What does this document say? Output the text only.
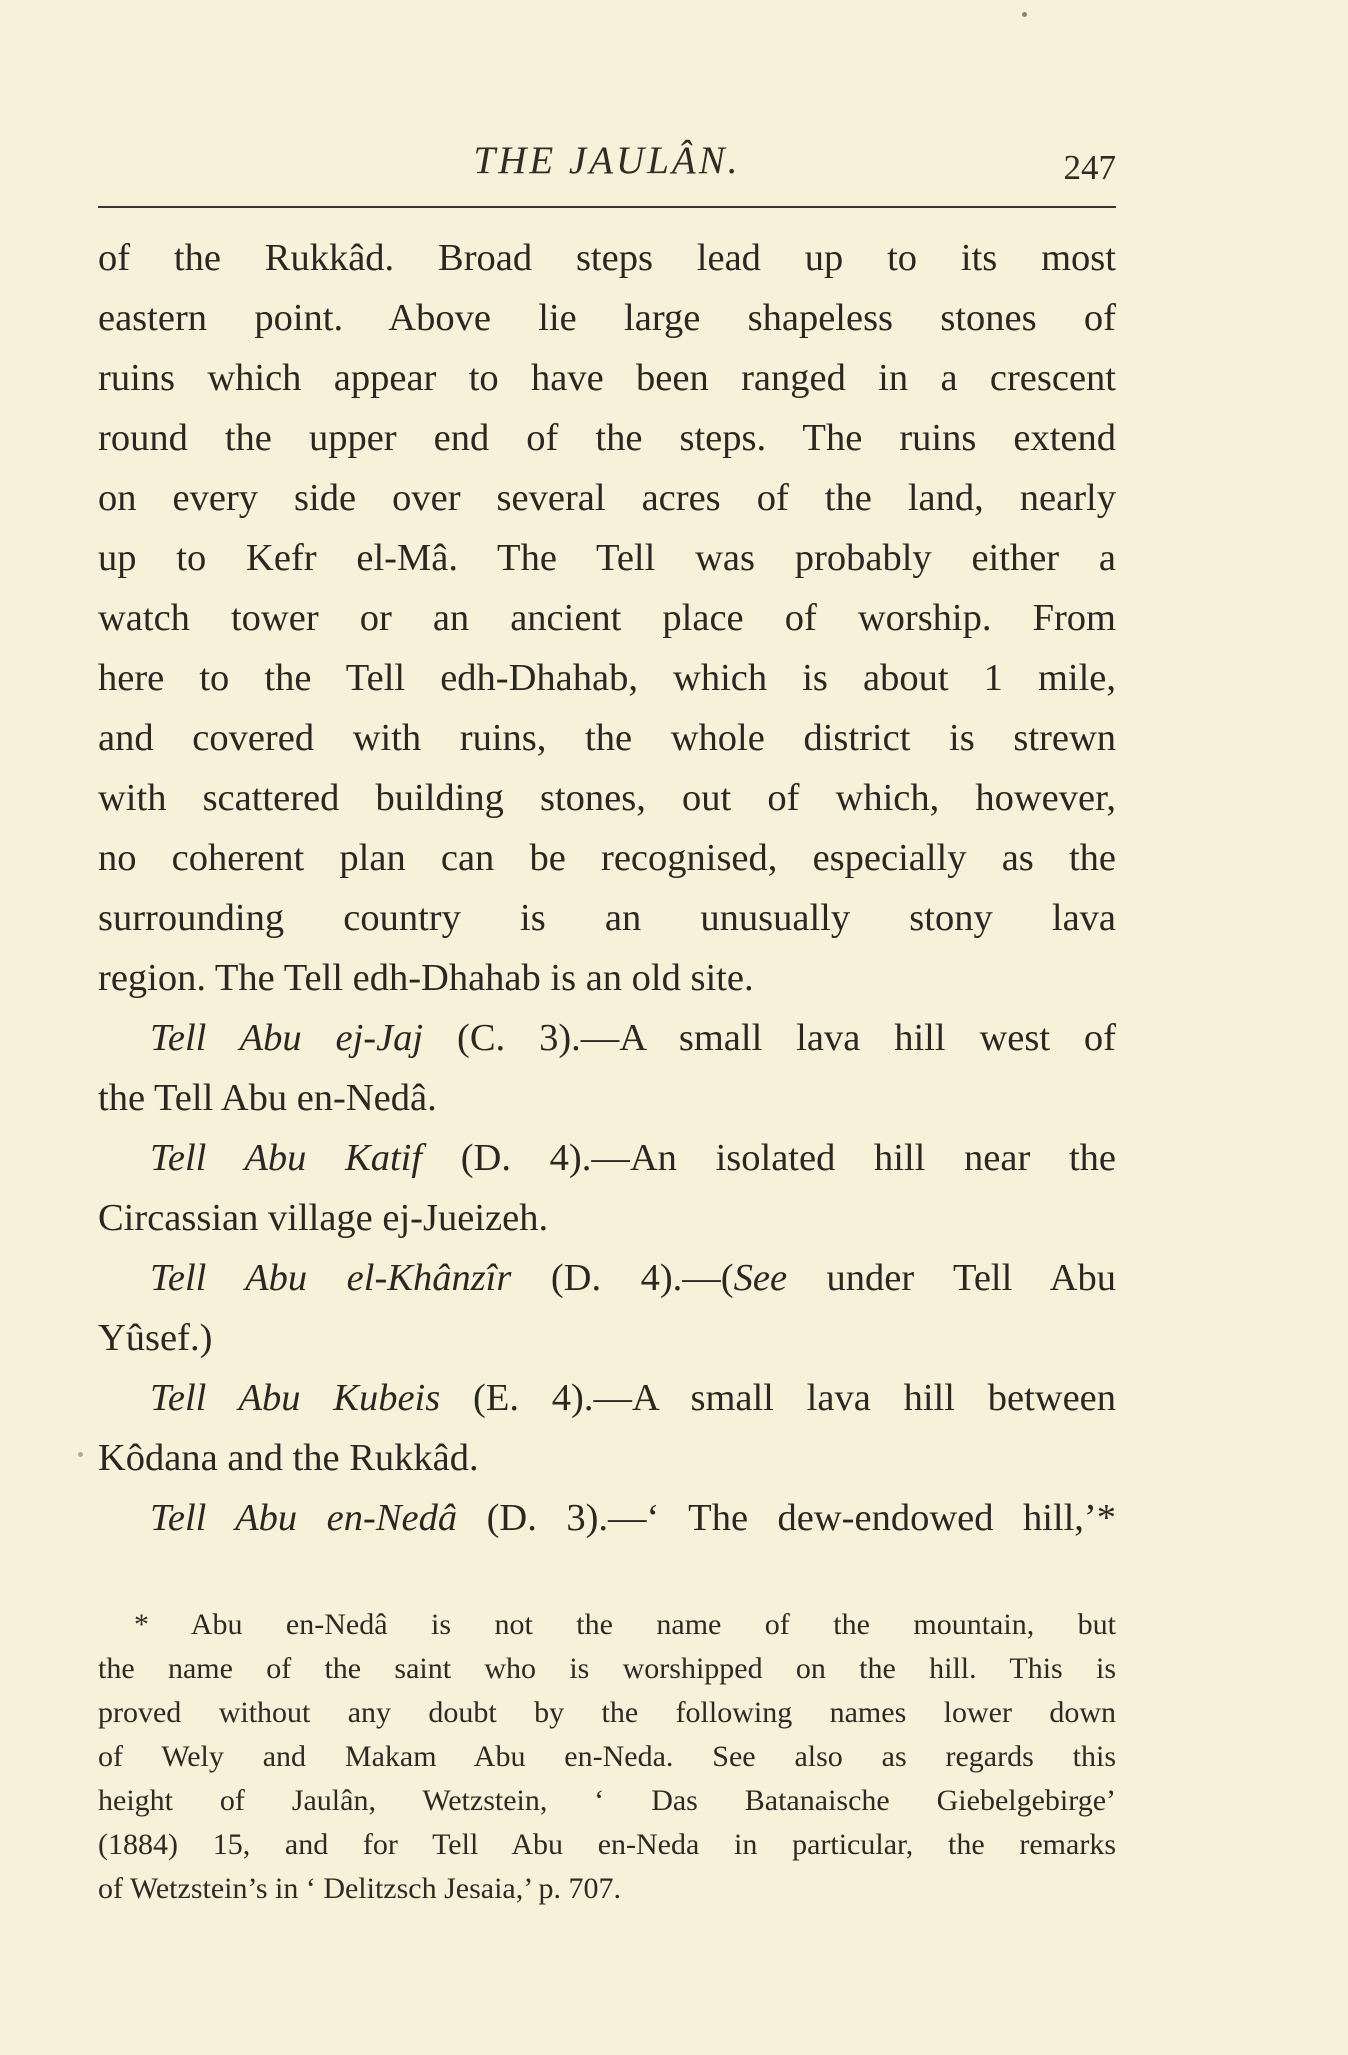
THE JAULÂN.	247
of the Rukkâd. Broad steps lead up to its most
eastern point. Above lie large shapeless stones of
ruins which appear to have been ranged in a crescent
round the upper end of the steps. The ruins extend
on every side over several acres of the land, nearly
up to Kefr el-Mâ. The Tell was probably either a
watch tower or an ancient place of worship. From
here to the Tell edh-Dhahab, which is about 1 mile,
and covered with ruins, the whole district is strewn
with scattered building stones, out of which, however,
no coherent plan can be recognised, especially as the
surrounding country is an unusually stony lava
region. The Tell edh-Dhahab is an old site.
Tell Abu ej-Jaj (C. 3).—A small lava hill west of
the Tell Abu en-Nedâ.
Tell Abu Katif (D. 4).—An isolated hill near the
Circassian village ej-Jueizeh.
Tell Abu el-Khânzîr (D. 4).—(See under Tell Abu
Yûsef.)
Tell Abu Kubeis (E. 4).—A small lava hill between
Kôdana and the Rukkâd.
Tell Abu en-Nedâ (D. 3).—‘ The dew-endowed hill,’*
* Abu en-Nedâ is not the name of the mountain, but
the name of the saint who is worshipped on the hill. This is
proved without any doubt by the following names lower down
of Wely and Makam Abu en-Neda. See also as regards this
height of Jaulân, Wetzstein, ‘ Das Batanaische Giebelgebirge’
(1884) 15, and for Tell Abu en-Neda in particular, the remarks
of Wetzstein’s in ‘ Delitzsch Jesaia,’ p. 707.
